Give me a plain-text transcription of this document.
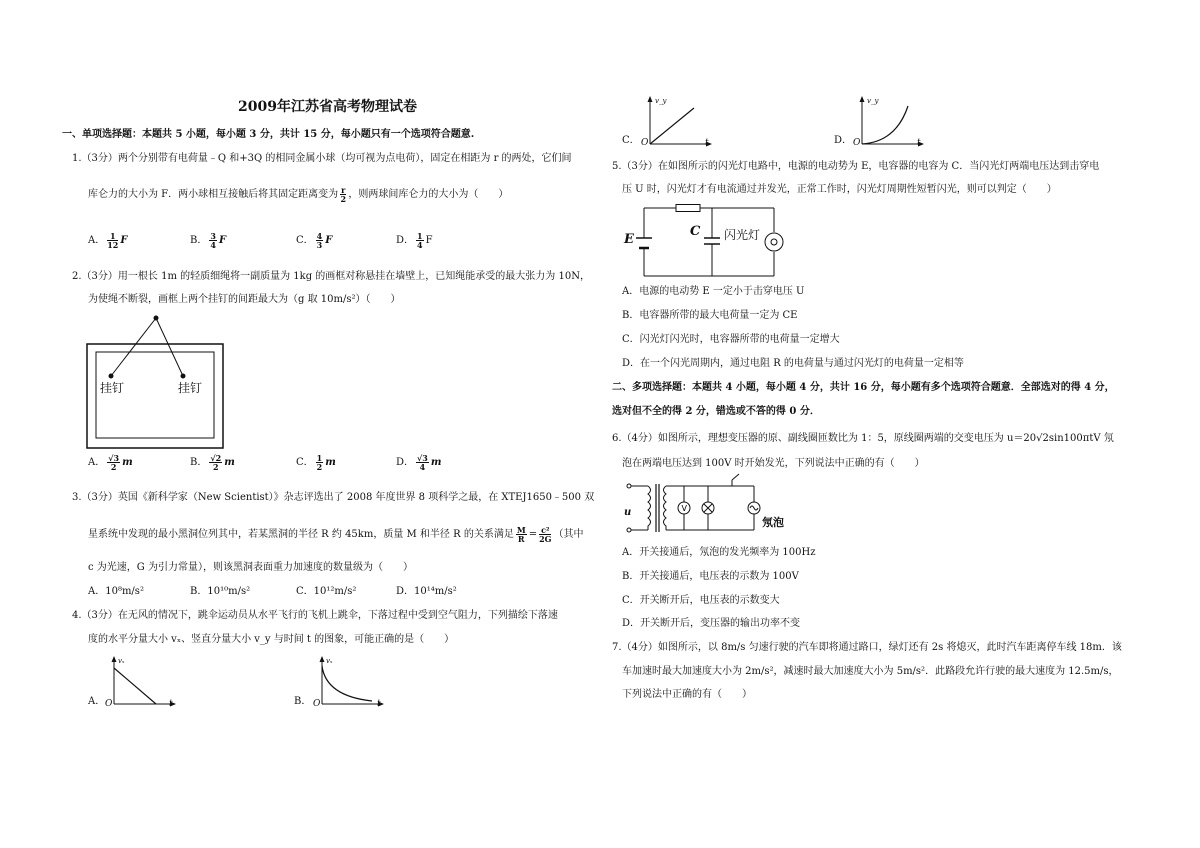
2009年江苏省高考物理试卷
一、单项选择题：本题共 5 小题，每小题 3 分，共计 15 分，每小题只有一个选项符合题意.
1.（3分）两个分别带有电荷量﹣Q 和+3Q 的相同金属小球（均可视为点电荷），固定在相距为 r 的两处，它们间
库仑力的大小为 F．两小球相互接触后将其固定距离变为 $\frac{r}{2}$ ，则两球间库仑力的大小为（　　）
A． $\frac{1}{12}$ F	B． $\frac{3}{4}$ F	C． $\frac{4}{3}$ F	D． $\frac{1}{4}$ F
2.（3分）用一根长 1m 的轻质细绳将一副质量为 1kg 的画框对称悬挂在墙壁上，已知绳能承受的最大张力为 10N，
为使绳不断裂，画框上两个挂钉的间距最大为（g 取 10m/s²）（　　）
挂钉	挂钉
A． $\frac{√3}{2}$ m	B． $\frac{√2}{2}$ m	C． $\frac{1}{2}$ m	D． $\frac{√3}{4}$ m
3.（3分）英国《新科学家（New Scientist）》杂志评选出了 2008 年度世界 8 项科学之最，在 XTEJ1650﹣500 双
星系统中发现的最小黑洞位列其中，若某黑洞的半径 R 约 45km，质量 M 和半径 R 的关系满足 $\frac{M}{R} = \frac{\text{c²}}{2G}$ （其中
c 为光速，G 为引力常量），则该黑洞表面重力加速度的数量级为（　　）
A．10⁸m/s²	B．10¹⁰m/s²	C．10¹²m/s²	D．10¹⁴m/s²
4.（3分）在无风的情况下，跳伞运动员从水平飞行的飞机上跳伞，下落过程中受到空气阻力，下列描绘下落速
度的水平分量大小 vₓ、竖直分量大小 v_y 与时间 t 的图象，可能正确的是（　　）
A．
vₓ
O	t	B．
vₓ
O	t
C．
v_y
O	t	D．
v_y
O	t
5.（3分）在如图所示的闪光灯电路中，电源的电动势为 E，电容器的电容为 C．当闪光灯两端电压达到击穿电
压 U 时，闪光灯才有电流通过并发光，正常工作时，闪光灯周期性短暂闪光，则可以判定（　　）
E
C 闪光灯
A．电源的电动势 E 一定小于击穿电压 U
B．电容器所带的最大电荷量一定为 CE
C．闪光灯闪光时，电容器所带的电荷量一定增大
D．在一个闪光周期内，通过电阻 R 的电荷量与通过闪光灯的电荷量一定相等
二、多项选择题：本题共 4 小题，每小题 4 分，共计 16 分，每小题有多个选项符合题意．全部选对的得 4 分，
选对但不全的得 2 分，错选或不答的得 0 分．
6.（4分）如图所示，理想变压器的原、副线圈匝数比为 1：5，原线圈两端的交变电压为 u＝20√2sin100πtV 氖
泡在两端电压达到 100V 时开始发光，下列说法中正确的有（　　）
V
u
氖泡
A．开关接通后，氖泡的发光频率为 100Hz
B．开关接通后，电压表的示数为 100V
C．开关断开后，电压表的示数变大
D．开关断开后，变压器的输出功率不变
7.（4分）如图所示，以 8m/s 匀速行驶的汽车即将通过路口，绿灯还有 2s 将熄灭，此时汽车距离停车线 18m．该
车加速时最大加速度大小为 2m/s²，减速时最大加速度大小为 5m/s²．此路段允许行驶的最大速度为 12.5m/s，
下列说法中正确的有（　　）
